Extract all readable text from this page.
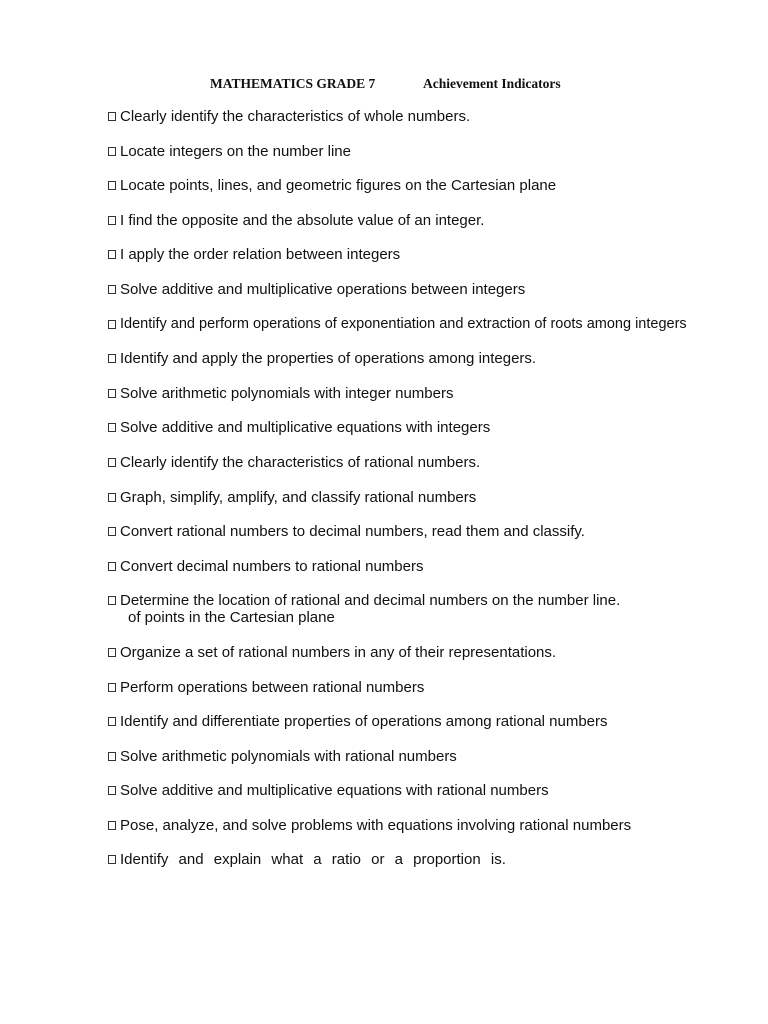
MATHEMATICS GRADE 7	Achievement Indicators
Clearly identify the characteristics of whole numbers.
Locate integers on the number line
Locate points, lines, and geometric figures on the Cartesian plane
I find the opposite and the absolute value of an integer.
I apply the order relation between integers
Solve additive and multiplicative operations between integers
Identify and perform operations of exponentiation and extraction of roots among integers
Identify and apply the properties of operations among integers.
Solve arithmetic polynomials with integer numbers
Solve additive and multiplicative equations with integers
Clearly identify the characteristics of rational numbers.
Graph, simplify, amplify, and classify rational numbers
Convert rational numbers to decimal numbers, read them and classify.
Convert decimal numbers to rational numbers
Determine the location of rational and decimal numbers on the number line.
of points in the Cartesian plane
Organize a set of rational numbers in any of their representations.
Perform operations between rational numbers
Identify and differentiate properties of operations among rational numbers
Solve arithmetic polynomials with rational numbers
Solve additive and multiplicative equations with rational numbers
Pose, analyze, and solve problems with equations involving rational numbers
Identify and explain what a ratio or a proportion is.
